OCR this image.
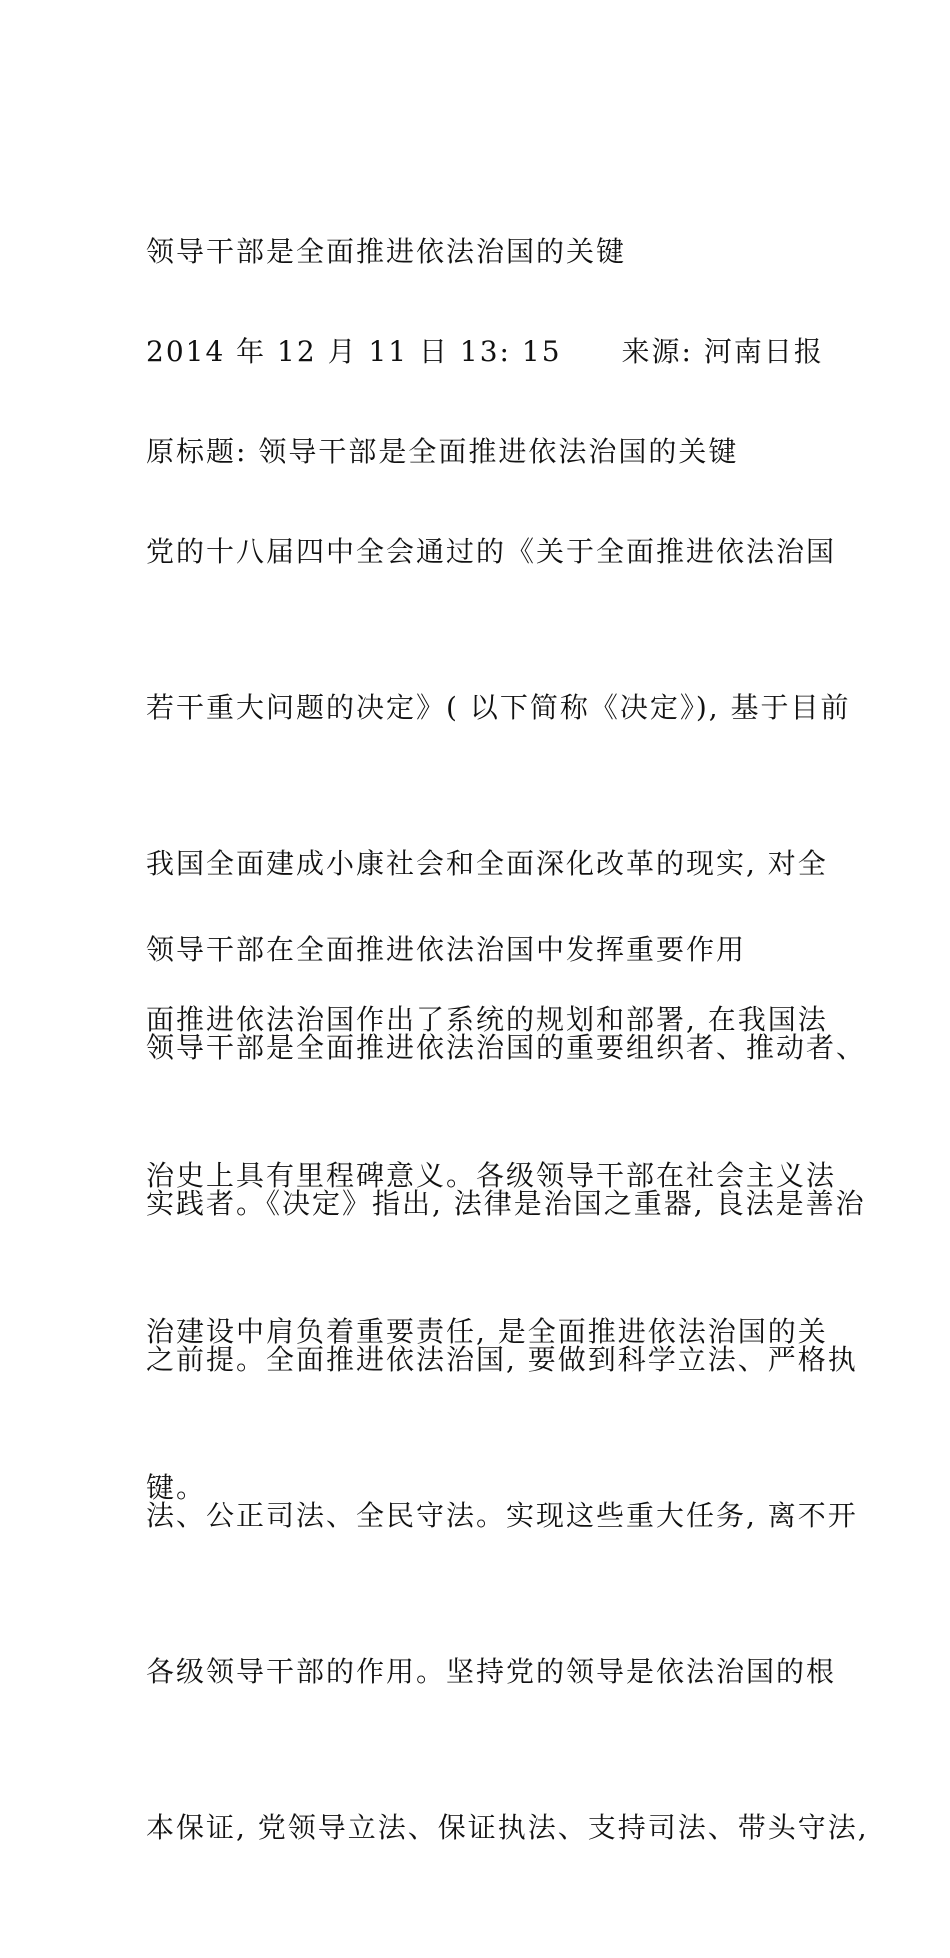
领导干部是全面推进依法治国的关键

2014 年 12 月 11 日 13: 15　　来源: 河南日报

原标题: 领导干部是全面推进依法治国的关键

党的十八届四中全会通过的《关于全面推进依法治国

若干重大问题的决定》( 以下简称《决定》), 基于目前

我国全面建成小康社会和全面深化改革的现实, 对全

面推进依法治国作出了系统的规划和部署, 在我国法

治史上具有里程碑意义。各级领导干部在社会主义法

治建设中肩负着重要责任, 是全面推进依法治国的关

键。

领导干部在全面推进依法治国中发挥重要作用

领导干部是全面推进依法治国的重要组织者、推动者、

实践者。《决定》指出, 法律是治国之重器, 良法是善治

之前提。全面推进依法治国, 要做到科学立法、严格执

法、公正司法、全民守法。实现这些重大任务, 离不开

各级领导干部的作用。坚持党的领导是依法治国的根

本保证, 党领导立法、保证执法、支持司法、带头守法,
